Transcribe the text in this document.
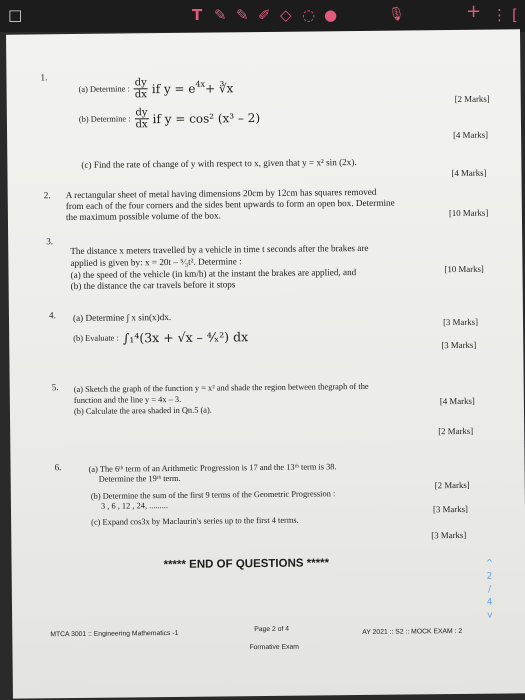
□	T ✎ ✎ ✐ ◇ ◌ ●	🎙	+ ⋮ [
1.
(a) Determine : $\frac{dy}{dx}$ if $y = e^{4x}$ + ∛x
[2 Marks]
(b) Determine : $\frac{dy}{dx}$ if y = cos² (x³ – 2)
[4 Marks]
(c) Find the rate of change of y with respect to x, given that y = x² sin (2x).
[4 Marks]
2. A rectangular sheet of metal having dimensions 20cm by 12cm has squares removed
from each of the four corners and the sides bent upwards to form an open box. Determine
the maximum possible volume of the box.	[10 Marks]
3.
The distance x meters travelled by a vehicle in time t seconds after the brakes are
applied is given by: x = 20t – ⁵⁄₃t². Determine :
(a) the speed of the vehicle (in km/h) at the instant the brakes are applied, and
(b) the distance the car travels before it stops
[10 Marks]
4. (a) Determine ∫ x sin(x)dx.	[3 Marks]
(b) Evaluate : ∫₁⁴(3x + √x – ⁴⁄ₓ²) dx	[3 Marks]
5. (a) Sketch the graph of the function y = x² and shade the region between thegraph of the
function and the line y = 4x – 3.	[4 Marks]
(b) Calculate the area shaded in Qn.5 (a).
[2 Marks]
6.	(a) The 6ᵗʰ term of an Arithmetic Progression is 17 and the 13ᵗʰ term is 38.
Determine the 19ᵗʰ term.
[2 Marks]
(b) Determine the sum of the first 9 terms of the Geometric Progression :
3 , 6 , 12 , 24, .........	[3 Marks]
(c) Expand cos3x by Maclaurin's series up to the first 4 terms.
[3 Marks]
***** END OF QUESTIONS *****	^
2
/
4
v
MTCA 3001 :: Engineering Mathematics -1
Page 2 of 4
Formative Exam
AY 2021 :: S2 :: MOCK EXAM : 2
